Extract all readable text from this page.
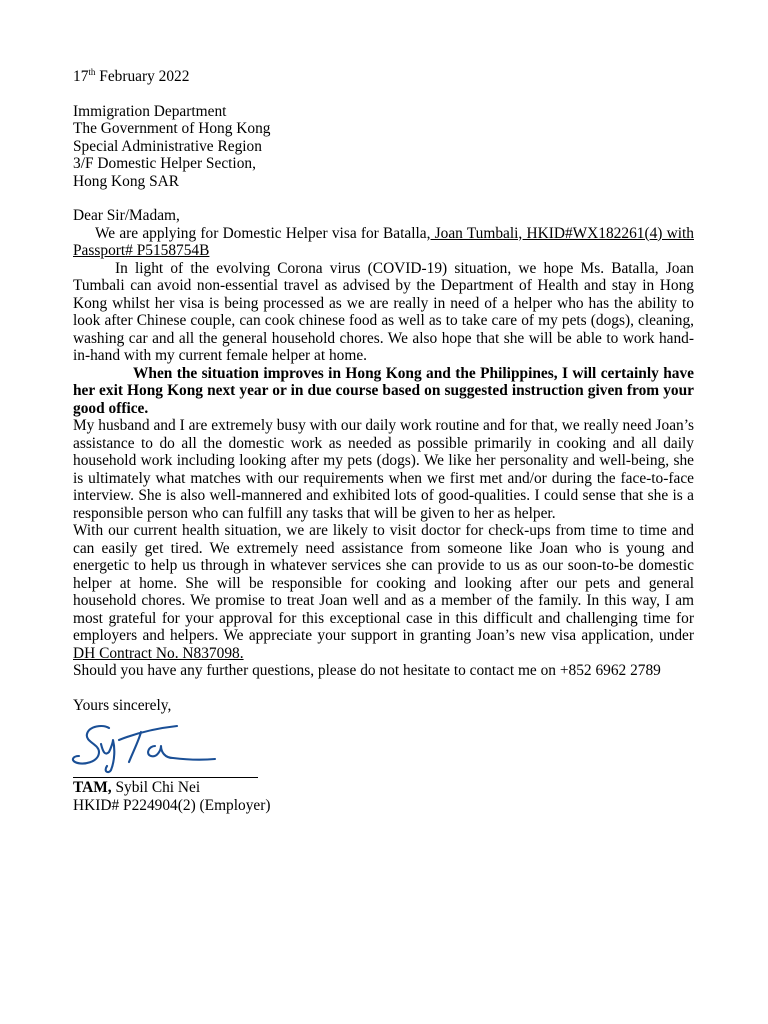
17th February 2022
Immigration Department
The Government of Hong Kong
Special Administrative Region
3/F Domestic Helper Section,
Hong Kong SAR
Dear Sir/Madam,

We are applying for Domestic Helper visa for Batalla, Joan Tumbali, HKID#WX182261(4) with Passport# P5158754B

In light of the evolving Corona virus (COVID-19) situation, we hope Ms. Batalla, Joan Tumbali can avoid non-essential travel as advised by the Department of Health and stay in Hong Kong whilst her visa is being processed as we are really in need of a helper who has the ability to look after Chinese couple, can cook chinese food as well as to take care of my pets (dogs), cleaning, washing car and all the general household chores. We also hope that she will be able to work hand-in-hand with my current female helper at home.

When the situation improves in Hong Kong and the Philippines, I will certainly have her exit Hong Kong next year or in due course based on suggested instruction given from your good office.

My husband and I are extremely busy with our daily work routine and for that, we really need Joan’s assistance to do all the domestic work as needed as possible primarily in cooking and all daily household work including looking after my pets (dogs). We like her personality and well-being, she is ultimately what matches with our requirements when we first met and/or during the face-to-face interview. She is also well-mannered and exhibited lots of good-qualities. I could sense that she is a responsible person who can fulfill any tasks that will be given to her as helper.

With our current health situation, we are likely to visit doctor for check-ups from time to time and can easily get tired. We extremely need assistance from someone like Joan who is young and energetic to help us through in whatever services she can provide to us as our soon-to-be domestic helper at home. She will be responsible for cooking and looking after our pets and general household chores. We promise to treat Joan well and as a member of the family. In this way, I am most grateful for your approval for this exceptional case in this difficult and challenging time for employers and helpers. We appreciate your support in granting Joan’s new visa application, under DH Contract No. N837098.

Should you have any further questions, please do not hesitate to contact me on +852 6962 2789

Yours sincerely,
TAM, Sybil Chi Nei
HKID# P224904(2) (Employer)
